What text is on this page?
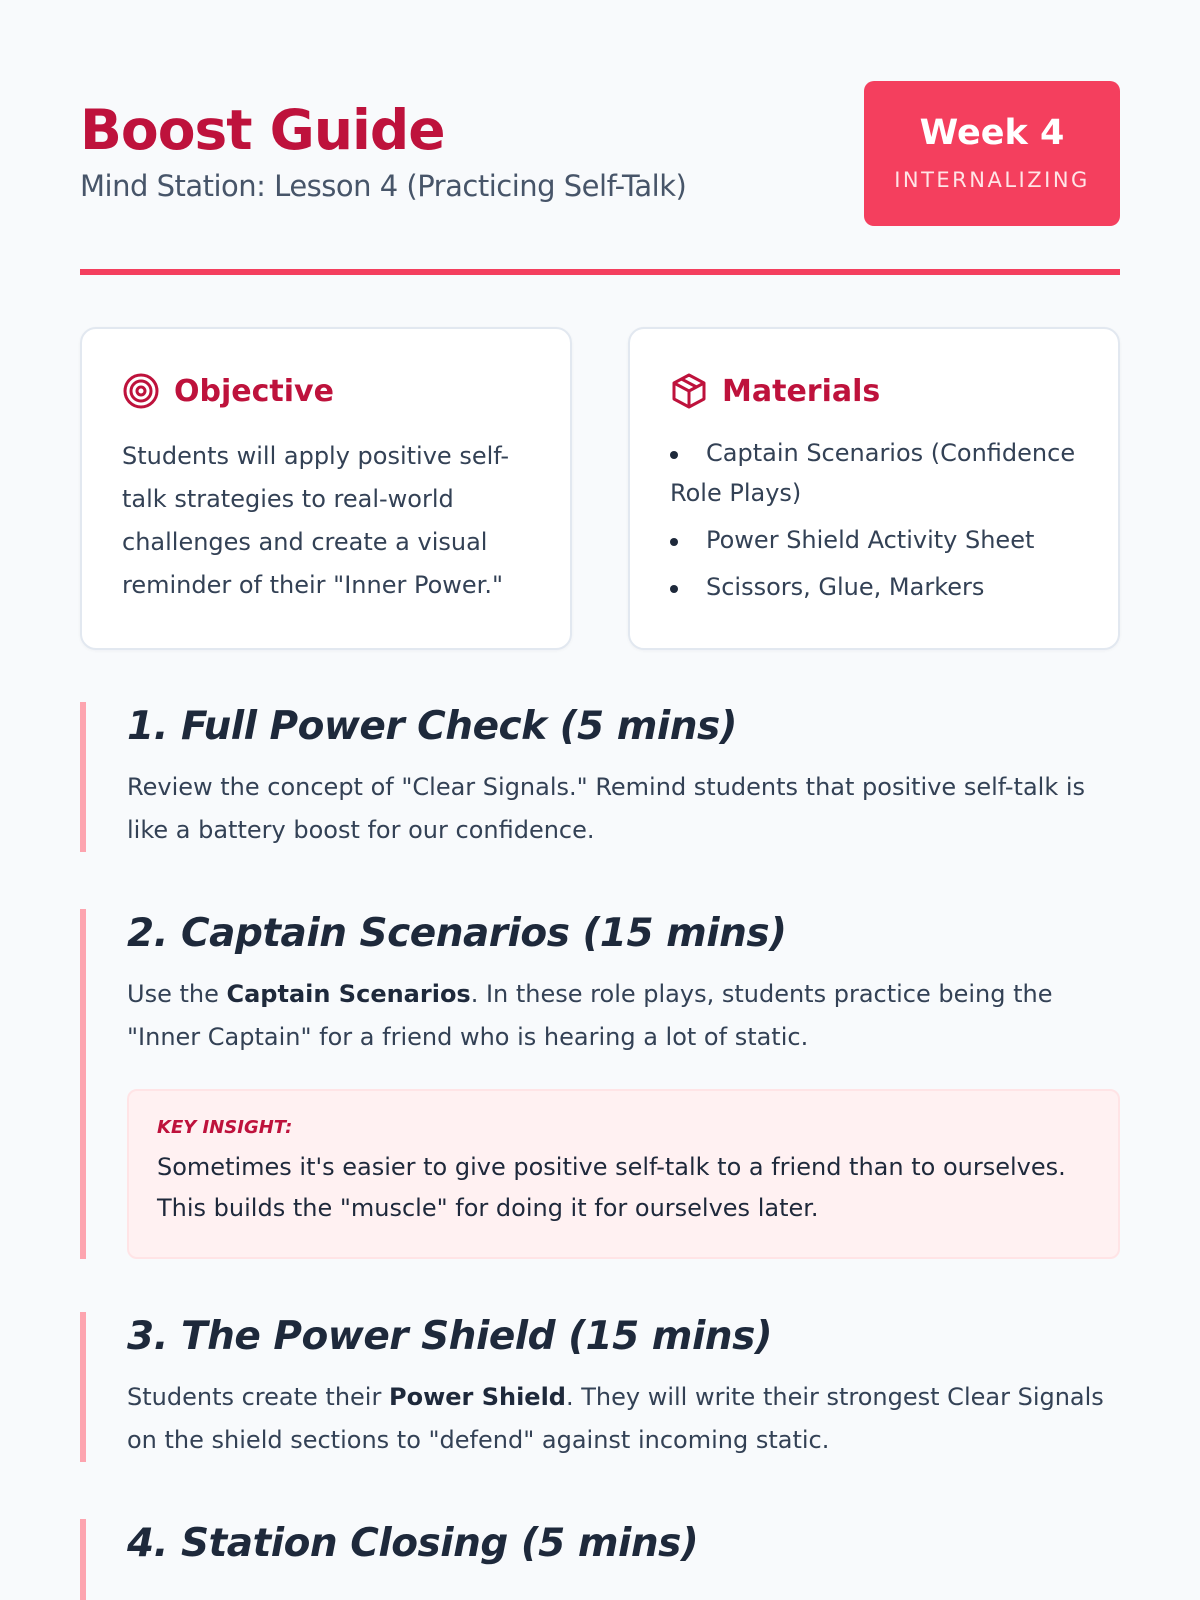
Boost Guide
Mind Station: Lesson 4 (Practicing Self-Talk)
Week 4
INTERNALIZING
Objective

Students will apply positive self-talk strategies to real-world challenges and create a visual reminder of their "Inner Power."

Materials
Captain Scenarios (Confidence Role Plays)
Power Shield Activity Sheet
Scissors, Glue, Markers
1. Full Power Check (5 mins)

Review the concept of "Clear Signals." Remind students that positive self-talk is like a battery boost for our confidence.

2. Captain Scenarios (15 mins)

Use the Captain Scenarios. In these role plays, students practice being the "Inner Captain" for a friend who is hearing a lot of static.

KEY INSIGHT:

Sometimes it's easier to give positive self-talk to a friend than to ourselves. This builds the "muscle" for doing it for ourselves later.

3. The Power Shield (15 mins)

Students create their Power Shield. They will write their strongest Clear Signals on the shield sections to "defend" against incoming static.

4. Station Closing (5 mins)
